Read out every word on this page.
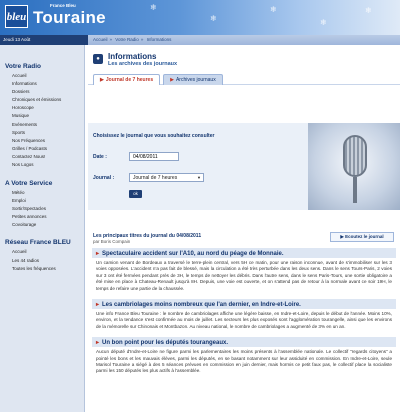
bleu
France Bleu
Touraine
❄
❄
❄
❄
❄
Jeudi 13 Août
Votre Radio
Accueil
Informations
Dossiers
Chroniques et émissions
Horoscope
Musique
Evénements
Sports
Nos Fréquences
Grilles / Podcasts
Contactez Nous!
Nos Logos
A Votre Service
Météo
Emploi
Sortir/Spectacles
Petites annonces
Covoiturage
Réseau France BLEU
Accueil
Les 44 radios
Toutes les fréquences
Accueil » Votre Radio » Informations
●	Informations
Les archives des journaux
▶ Journal de 7 heures	▶ Archives journaux
Choisissez le journal que vous souhaitez consulter
Date :
04/08/2011
Journal :	Journal de 7 heures	▼
ok
Les principaux titres du journal du 04/08/2011
par Boris Compain
▶ Ecoutez le journal
▸ Spectaculaire accident sur l'A10, au nord du péage de Monnaie.
Un camion venant de Bordeaux a traversé le terre-plein central, vers 5H ce matin, pour une raison inconnue, avant de s'immobiliser sur les 3 voies opposées. L'accident n'a pas fait de blessé, mais la circulation a été très perturbée dans les deux sens. Dans le sens Tours-Paris, 2 voies sur 3 ont été fermées pendant près de 3H, le temps de nettoyer les débris. Dans l'autre sens, dans le sens Paris-Tours, une sortie obligatoire a été mise en place à Chateau-Renault jusqu'à 8H. Depuis, une voie est ouverte, et on s'attend pas de retour à la normale avant ce soir 19H, le temps de refaire une partie de la chaussée.
▸ Les cambriolages moins nombreux que l'an dernier, en Indre-et-Loire.
Une info France Bleu Touraine : le nombre de cambriolages affiche une légère baisse, en Indre-et-Loire, depuis le début de l'année. Moins 10%, environ, et la tendance s'est confirmée au mois de juillet. Les secteurs les plus exposés sont l'agglomération tourangelle, ainsi que les environs de la mémorelle sur Chinonais et Montbazon. Au niveau national, le nombre de cambriolages a augmenté de 3% en un an.
▸ Un bon point pour les députés tourangeaux.
Aucun député d'Indre-et-Loire ne figure parmi les parlementaires les moins présents à l'assemblée nationale. Le collectif "regards citoyens" a pointé les bons et les mauvais élèves, parmi les députés, en se basant notamment sur leur assiduité en commission. En Indre-et-Loire, seule Marisol Touraine a siégé à des 5 séances prévues en commission en juin dernier, mais hormis ce petit faux pas, le collectif place la socialiste parmi les 150 députés les plus actifs à l'assemblée.
